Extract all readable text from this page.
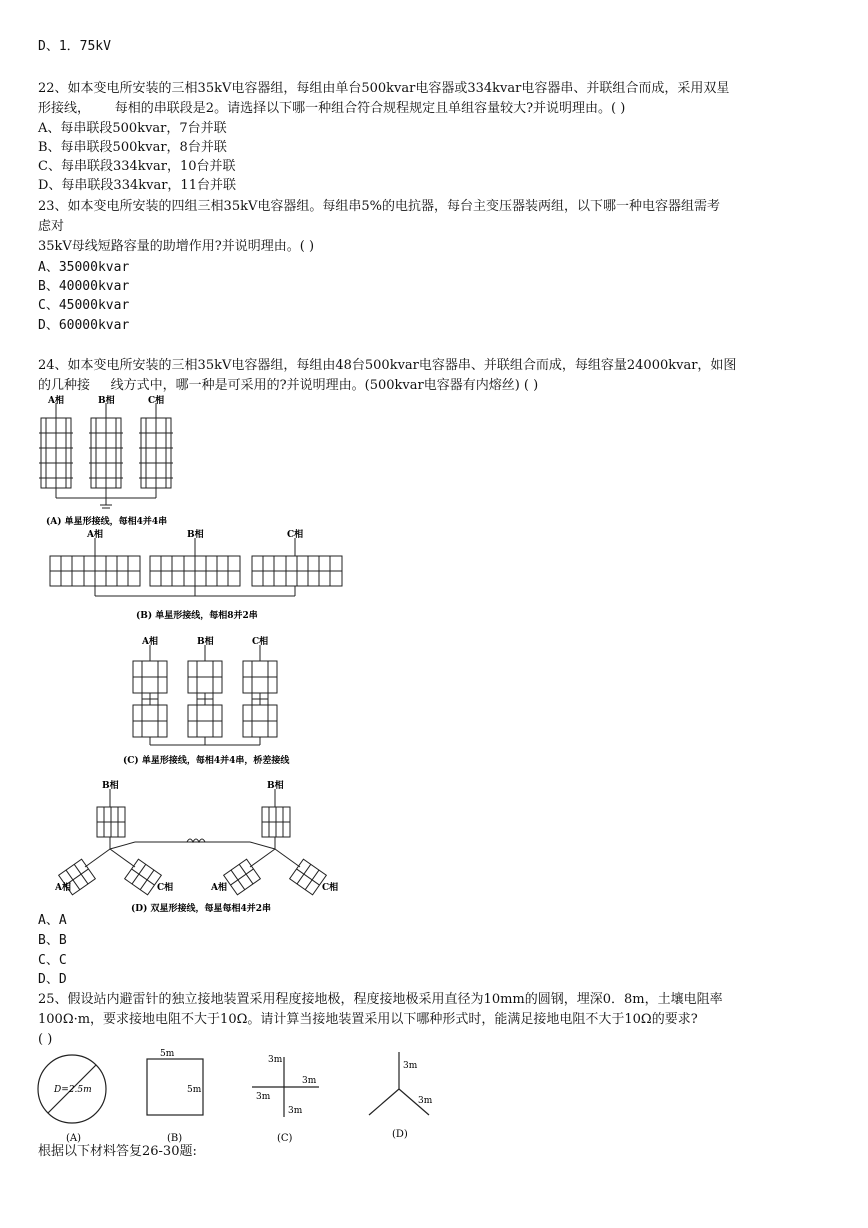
D、1．75kV
22、如本变电所安装的三相35kV电容器组，每组由单台500kvar电容器或334kvar电容器串、并联组合而成，采用双星
形接线，      每相的串联段是2。请选择以下哪一种组合符合规程规定且单组容量较大?并说明理由。( )
A、每串联段500kvar，7台并联
B、每串联段500kvar，8台并联
C、每串联段334kvar，10台并联
D、每串联段334kvar，11台并联
23、如本变电所安装的四组三相35kV电容器组。每组串5%的电抗器，每台主变压器装两组，以下哪一种电容器组需考
虑对
35kV母线短路容量的助增作用?并说明理由。( )
A、35000kvar
B、40000kvar
C、45000kvar
D、60000kvar
24、如本变电所安装的三相35kV电容器组，每组由48台500kvar电容器串、并联组合而成，每组容量24000kvar，如图
的几种接     线方式中，哪一种是可采用的?并说明理由。(500kvar电容器有内熔丝) ( )
A相	B相	C相
(A) 单星形接线，每相4并4串
A相	B相	C相
(B) 单星形接线，每相8并2串
A相	B相	C相
(C) 单星形接线，每相4并4串，桥差接线
B相	B相
A相	C相	A相	C相
(D) 双星形接线，每星每相4并2串
A、A
B、B
C、C
D、D
25、假设站内避雷针的独立接地装置采用程度接地极，程度接地极采用直径为10mm的圆钢，埋深0．8m，土壤电阻率
100Ω·m，要求接地电阻不大于10Ω。请计算当接地装置采用以下哪种形式时，能满足接地电阻不大于10Ω的要求?
( )
D=2.5m
5m
5m
3m
3m
3m
3m
3m
3m
(A)	(B)	(C)	(D)
根据以下材料答复26-30题:
